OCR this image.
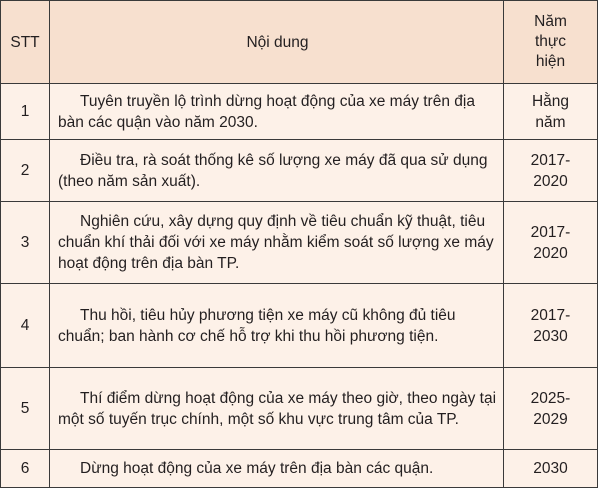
STT	Nội dung	Năm
thực
hiện
1	Tuyên truyền lộ trình dừng hoạt động của xe máy trên địa bàn các quận vào năm 2030.	Hằng
năm
2	Điều tra, rà soát thống kê số lượng xe máy đã qua sử dụng (theo năm sản xuất).	2017-
2020
3	Nghiên cứu, xây dựng quy định về tiêu chuẩn kỹ thuật, tiêu chuẩn khí thải đối với xe máy nhằm kiểm soát số lượng xe máy hoạt động trên địa bàn TP.	2017-
2020
4	Thu hồi, tiêu hủy phương tiện xe máy cũ không đủ tiêu chuẩn; ban hành cơ chế hỗ trợ khi thu hồi phương tiện.	2017-
2030
5	Thí điểm dừng hoạt động của xe máy theo giờ, theo ngày tại một số tuyến trục chính, một số khu vực trung tâm của TP.	2025-
2029
6	Dừng hoạt động của xe máy trên địa bàn các quận.	2030
